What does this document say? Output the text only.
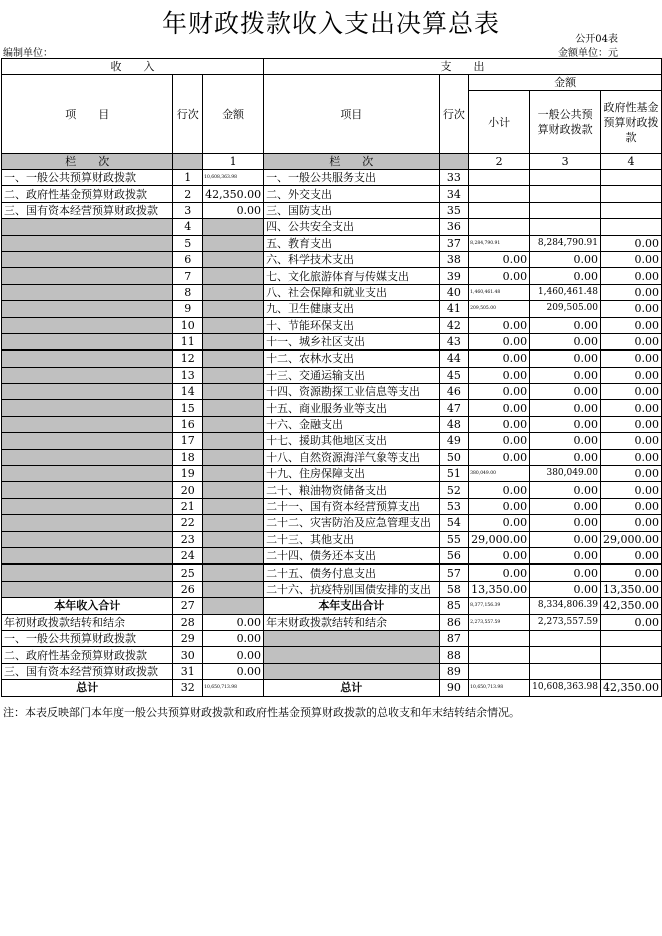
年财政拨款收入支出决算总表
公开04表
编制单位：	金额单位：元
收　　入			支　　出				
项　　目	行次	金额	项目	行次	金额		
					小计	一般公共预算财政拨款	政府性基金预算财政拨款
栏　　次		1	栏　　次		2	3	4
一、一般公共预算财政拨款	1	10,608,363.98	一、一般公共服务支出	33			
二、政府性基金预算财政拨款	2	42,350.00	二、外交支出	34			
三、国有资本经营预算财政拨款	3	0.00	三、国防支出	35			
	4		四、公共安全支出	36			
	5		五、教育支出	37	8,284,790.91	8,284,790.91	0.00
	6		六、科学技术支出	38	0.00	0.00	0.00
	7		七、文化旅游体育与传媒支出	39	0.00	0.00	0.00
	8		八、社会保障和就业支出	40	1,460,461.48	1,460,461.48	0.00
	9		九、卫生健康支出	41	209,505.00	209,505.00	0.00
	10		十、节能环保支出	42	0.00	0.00	0.00
	11		十一、城乡社区支出	43	0.00	0.00	0.00
	12		十二、农林水支出	44	0.00	0.00	0.00
	13		十三、交通运输支出	45	0.00	0.00	0.00
	14		十四、资源勘探工业信息等支出	46	0.00	0.00	0.00
	15		十五、商业服务业等支出	47	0.00	0.00	0.00
	16		十六、金融支出	48	0.00	0.00	0.00
	17		十七、援助其他地区支出	49	0.00	0.00	0.00
	18		十八、自然资源海洋气象等支出	50	0.00	0.00	0.00
	19		十九、住房保障支出	51	380,049.00	380,049.00	0.00
	20		二十、粮油物资储备支出	52	0.00	0.00	0.00
	21		二十一、国有资本经营预算支出	53	0.00	0.00	0.00
	22		二十二、灾害防治及应急管理支出	54	0.00	0.00	0.00
	23		二十三、其他支出	55	29,000.00	0.00	29,000.00
	24		二十四、债务还本支出	56	0.00	0.00	0.00
	25		二十五、债务付息支出	57	0.00	0.00	0.00
	26		二十六、抗疫特别国债安排的支出	58	13,350.00	0.00	13,350.00
本年收入合计	27		本年支出合计	85	8,377,156.39	8,334,806.39	42,350.00
年初财政拨款结转和结余	28	0.00	年末财政拨款结转和结余	86	2,273,557.59	2,273,557.59	0.00
一、一般公共预算财政拨款	29	0.00		87			
二、政府性基金预算财政拨款	30	0.00		88			
三、国有资本经营预算财政拨款	31	0.00		89			
总计	32	10,650,713.98	总计	90	10,650,713.98	10,608,363.98	42,350.00
注：本表反映部门本年度一般公共预算财政拨款和政府性基金预算财政拨款的总收支和年末结转结余情况。
